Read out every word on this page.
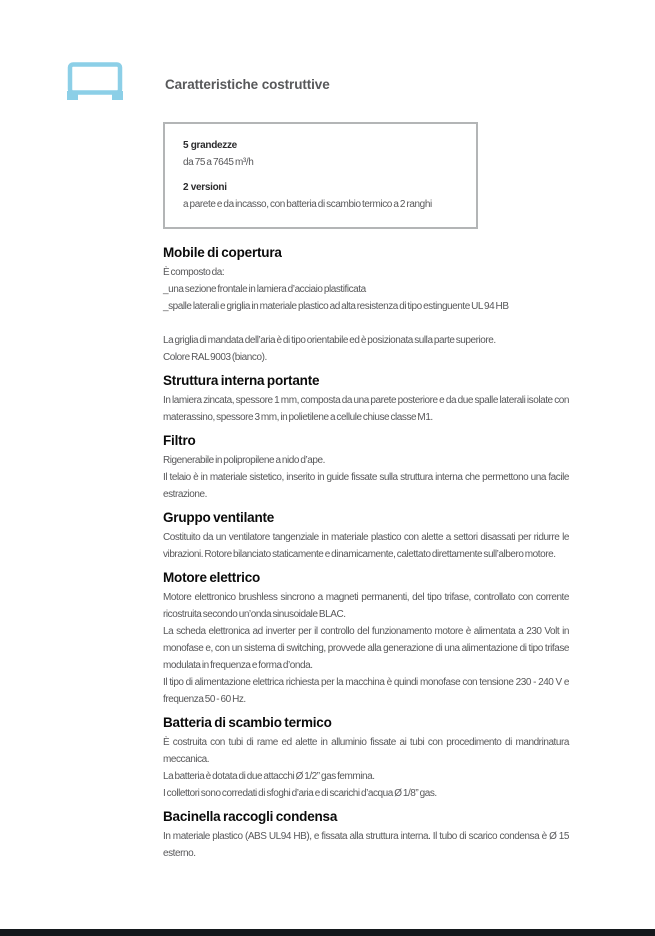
Caratteristiche costruttive
5 grandezze
da 75 a 7645 m³/h
2 versioni
a parete e da incasso, con batteria di scambio termico a 2 ranghi
Mobile di copertura

È composto da:

_una sezione frontale in lamiera d’acciaio plastificata

_spalle laterali e griglia in materiale plastico ad alta resistenza di tipo estinguente UL 94 HB

La griglia di mandata dell’aria è di tipo orientabile ed è posizionata sulla parte superiore.

Colore RAL 9003 (bianco).

Struttura interna portante

In lamiera zincata, spessore 1 mm, composta da una parete posteriore e da due spalle laterali isolate con materassino, spessore 3 mm, in polietilene a cellule chiuse classe M1.

Filtro

Rigenerabile in polipropilene a nido d’ape.

Il telaio è in materiale sistetico, inserito in guide fissate sulla struttura interna che permettono una facile estrazione.

Gruppo ventilante

Costituito da un ventilatore tangenziale in materiale plastico con alette a settori disassati per ridurre le vibrazioni. Rotore bilanciato staticamente e dinamicamente, calettato direttamente sull’albero motore.

Motore elettrico

Motore elettronico brushless sincrono a magneti permanenti, del tipo trifase, controllato con corrente ricostruita secondo un’onda sinusoidale BLAC.

La scheda elettronica ad inverter per il controllo del funzionamento motore è alimentata a 230 Volt in monofase e, con un sistema di switching, provvede alla generazione di una alimentazione di tipo trifase modulata in frequenza e forma d’onda.

Il tipo di alimentazione elettrica richiesta per la macchina è quindi monofase con tensione 230 - 240 V e frequenza 50 - 60 Hz.

Batteria di scambio termico

È costruita con tubi di rame ed alette in alluminio fissate ai tubi con procedimento di mandrinatura meccanica.

La batteria è dotata di due attacchi Ø 1/2” gas femmina.

I collettori sono corredati di sfoghi d’aria e di scarichi d’acqua Ø 1/8” gas.

Bacinella raccogli condensa

In materiale plastico (ABS UL94 HB), e fissata alla struttura interna. Il tubo di scarico condensa è Ø 15 esterno.
